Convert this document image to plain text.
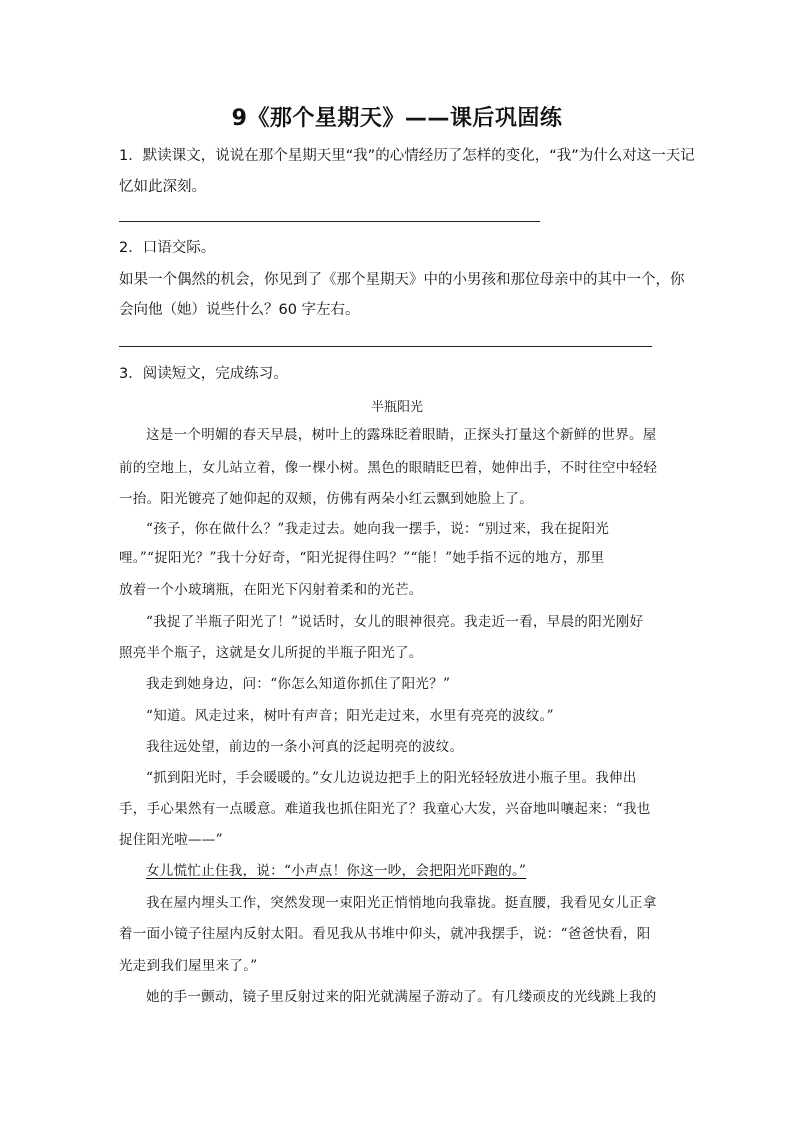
9《那个星期天》——课后巩固练
1．默读课文，说说在那个星期天里“我”的心情经历了怎样的变化，“我”为什么对这一天记
忆如此深刻。
2．口语交际。
如果一个偶然的机会，你见到了《那个星期天》中的小男孩和那位母亲中的其中一个，你
会向他（她）说些什么？60 字左右。
3．阅读短文，完成练习。
半瓶阳光
这是一个明媚的春天早晨，树叶上的露珠眨着眼睛，正探头打量这个新鲜的世界。屋
前的空地上，女儿站立着，像一棵小树。黑色的眼睛眨巴着，她伸出手，不时往空中轻轻
一抬。阳光镀亮了她仰起的双颊，仿佛有两朵小红云飘到她脸上了。
“孩子，你在做什么？”我走过去。她向我一摆手，说：“别过来，我在捉阳光
哩。”“捉阳光？”我十分好奇，“阳光捉得住吗？”“能！”她手指不远的地方，那里
放着一个小玻璃瓶，在阳光下闪射着柔和的光芒。
“我捉了半瓶子阳光了！”说话时，女儿的眼神很亮。我走近一看，早晨的阳光刚好
照亮半个瓶子，这就是女儿所捉的半瓶子阳光了。
我走到她身边，问：“你怎么知道你抓住了阳光？”
“知道。风走过来，树叶有声音；阳光走过来，水里有亮亮的波纹。”
我往远处望，前边的一条小河真的泛起明亮的波纹。
“抓到阳光时，手会暖暖的。”女儿边说边把手上的阳光轻轻放进小瓶子里。我伸出
手，手心果然有一点暖意。难道我也抓住阳光了？我童心大发，兴奋地叫嚷起来：“我也
捉住阳光啦——”
女儿慌忙止住我，说：“小声点！你这一吵，会把阳光吓跑的。”
我在屋内埋头工作，突然发现一束阳光正悄悄地向我靠拢。挺直腰，我看见女儿正拿
着一面小镜子往屋内反射太阳。看见我从书堆中仰头，就冲我摆手，说：“爸爸快看，阳
光走到我们屋里来了。”
她的手一颤动，镜子里反射过来的阳光就满屋子游动了。有几缕顽皮的光线跳上我的
